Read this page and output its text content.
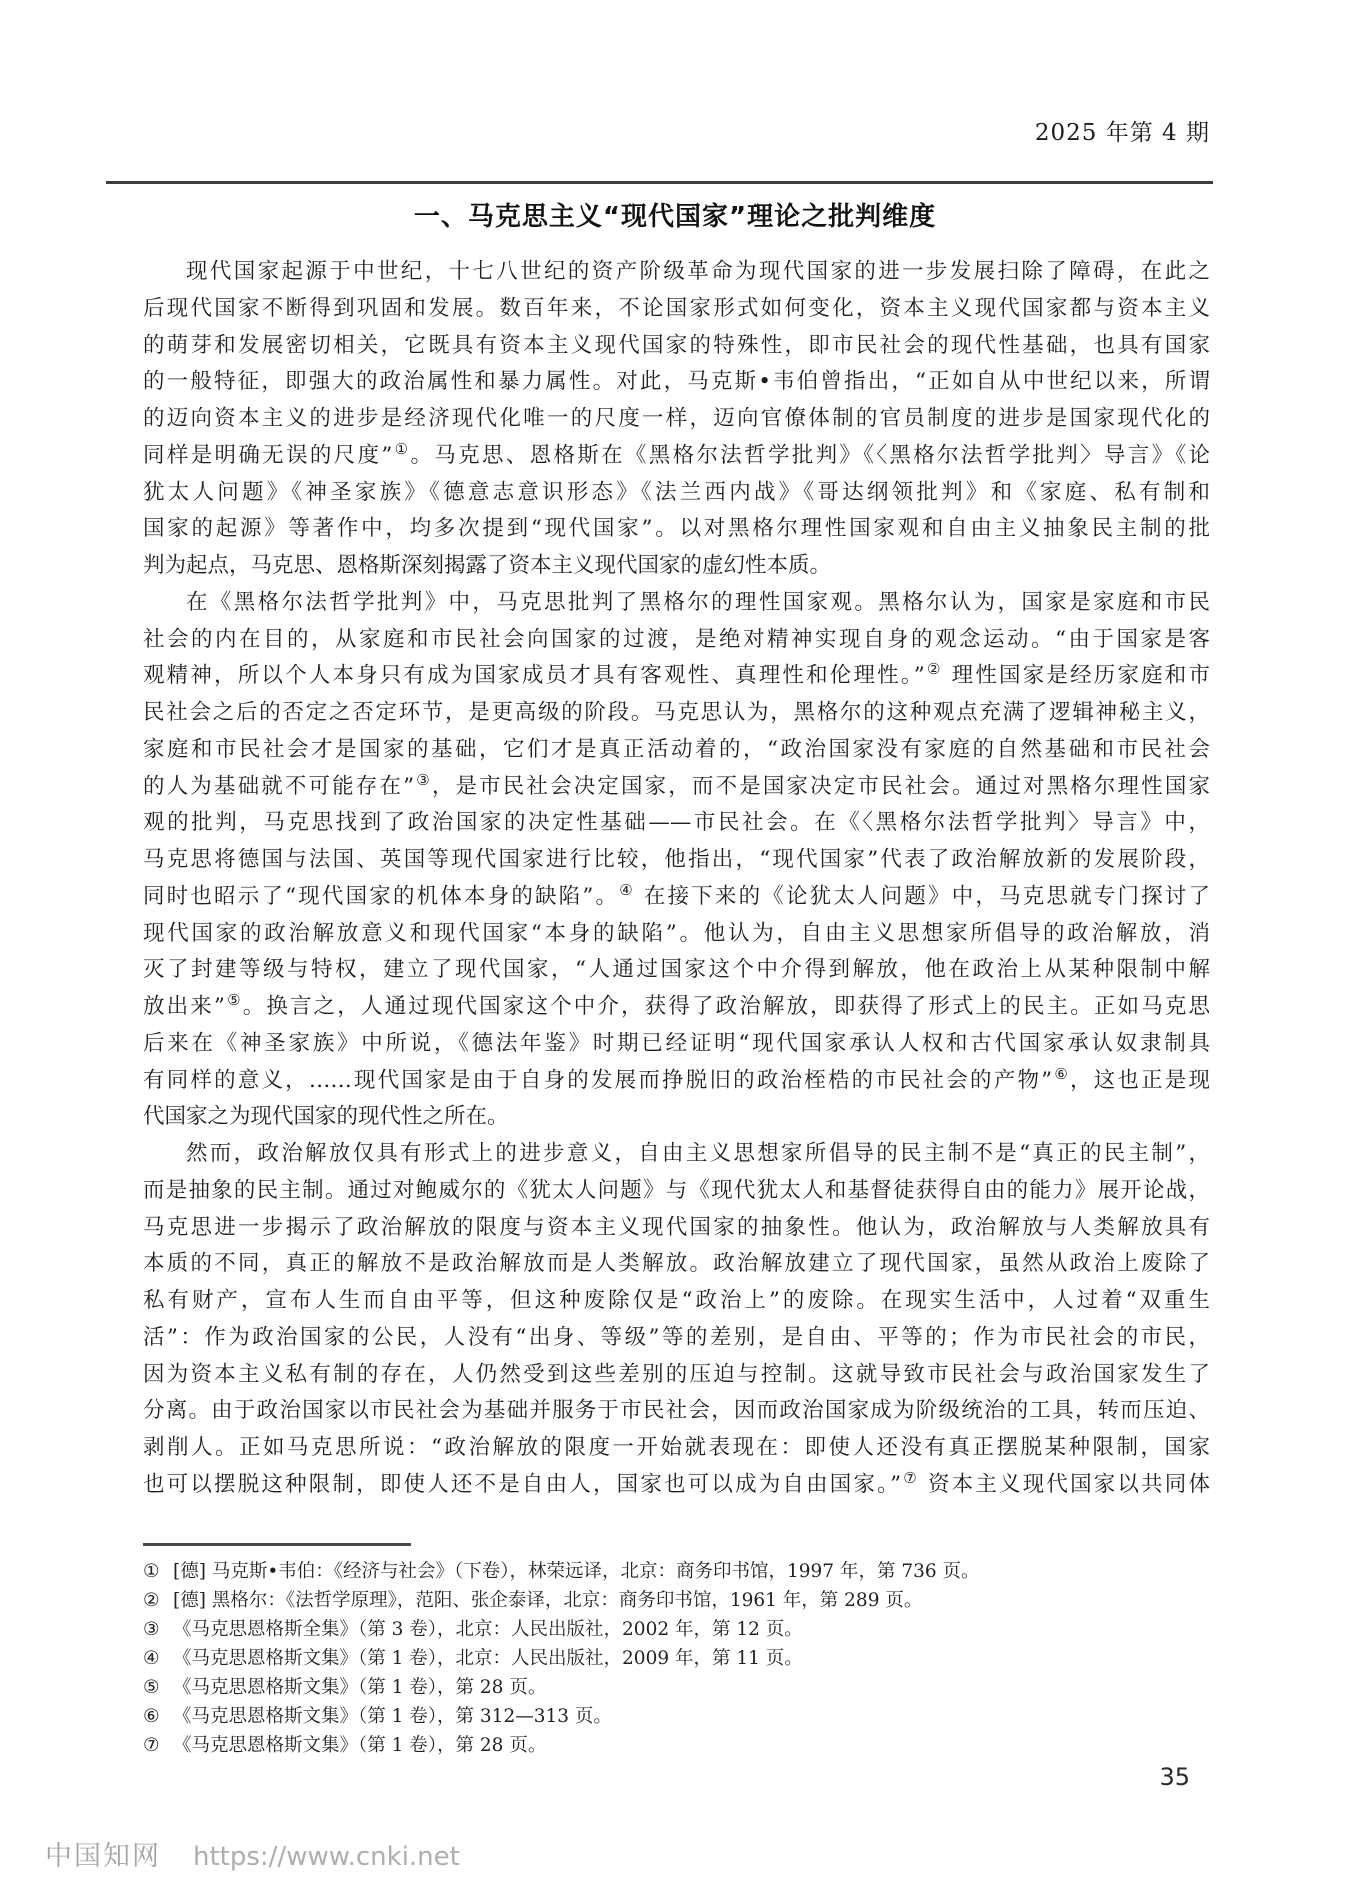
2025 年第 4 期
一、马克思主义“现代国家”理论之批判维度
现代国家起源于中世纪，十七八世纪的资产阶级革命为现代国家的进一步发展扫除了障碍，在此之
后现代国家不断得到巩固和发展。数百年来，不论国家形式如何变化，资本主义现代国家都与资本主义
的萌芽和发展密切相关，它既具有资本主义现代国家的特殊性，即市民社会的现代性基础，也具有国家
的一般特征，即强大的政治属性和暴力属性。对此，马克斯•韦伯曾指出，“正如自从中世纪以来，所谓
的迈向资本主义的进步是经济现代化唯一的尺度一样，迈向官僚体制的官员制度的进步是国家现代化的
同样是明确无误的尺度”①。马克思、恩格斯在《黑格尔法哲学批判》《〈黑格尔法哲学批判〉导言》《论
犹太人问题》《神圣家族》《德意志意识形态》《法兰西内战》《哥达纲领批判》和《家庭、私有制和
国家的起源》等著作中，均多次提到“现代国家”。以对黑格尔理性国家观和自由主义抽象民主制的批
判为起点，马克思、恩格斯深刻揭露了资本主义现代国家的虚幻性本质。
在《黑格尔法哲学批判》中，马克思批判了黑格尔的理性国家观。黑格尔认为，国家是家庭和市民
社会的内在目的，从家庭和市民社会向国家的过渡，是绝对精神实现自身的观念运动。“由于国家是客
观精神，所以个人本身只有成为国家成员才具有客观性、真理性和伦理性。”② 理性国家是经历家庭和市
民社会之后的否定之否定环节，是更高级的阶段。马克思认为，黑格尔的这种观点充满了逻辑神秘主义，
家庭和市民社会才是国家的基础，它们才是真正活动着的，“政治国家没有家庭的自然基础和市民社会
的人为基础就不可能存在”③，是市民社会决定国家，而不是国家决定市民社会。通过对黑格尔理性国家
观的批判，马克思找到了政治国家的决定性基础——市民社会。在《〈黑格尔法哲学批判〉导言》中，
马克思将德国与法国、英国等现代国家进行比较，他指出，“现代国家”代表了政治解放新的发展阶段，
同时也昭示了“现代国家的机体本身的缺陷”。④ 在接下来的《论犹太人问题》中，马克思就专门探讨了
现代国家的政治解放意义和现代国家“本身的缺陷”。他认为，自由主义思想家所倡导的政治解放，消
灭了封建等级与特权，建立了现代国家，“人通过国家这个中介得到解放，他在政治上从某种限制中解
放出来”⑤。换言之，人通过现代国家这个中介，获得了政治解放，即获得了形式上的民主。正如马克思
后来在《神圣家族》中所说，《德法年鉴》时期已经证明“现代国家承认人权和古代国家承认奴隶制具
有同样的意义，……现代国家是由于自身的发展而挣脱旧的政治桎梏的市民社会的产物”⑥，这也正是现
代国家之为现代国家的现代性之所在。
然而，政治解放仅具有形式上的进步意义，自由主义思想家所倡导的民主制不是“真正的民主制”，
而是抽象的民主制。通过对鲍威尔的《犹太人问题》与《现代犹太人和基督徒获得自由的能力》展开论战，
马克思进一步揭示了政治解放的限度与资本主义现代国家的抽象性。他认为，政治解放与人类解放具有
本质的不同，真正的解放不是政治解放而是人类解放。政治解放建立了现代国家，虽然从政治上废除了
私有财产，宣布人生而自由平等，但这种废除仅是“政治上”的废除。在现实生活中，人过着“双重生
活”：作为政治国家的公民，人没有“出身、等级”等的差别，是自由、平等的；作为市民社会的市民，
因为资本主义私有制的存在，人仍然受到这些差别的压迫与控制。这就导致市民社会与政治国家发生了
分离。由于政治国家以市民社会为基础并服务于市民社会，因而政治国家成为阶级统治的工具，转而压迫、
剥削人。正如马克思所说：“政治解放的限度一开始就表现在：即使人还没有真正摆脱某种限制，国家
也可以摆脱这种限制，即使人还不是自由人，国家也可以成为自由国家。”⑦ 资本主义现代国家以共同体
① [德] 马克斯•韦伯：《经济与社会》（下卷），林荣远译，北京：商务印书馆，1997 年，第 736 页。
② [德] 黑格尔：《法哲学原理》，范阳、张企泰译，北京：商务印书馆，1961 年，第 289 页。
③ 《马克思恩格斯全集》（第 3 卷），北京：人民出版社，2002 年，第 12 页。
④ 《马克思恩格斯文集》（第 1 卷），北京：人民出版社，2009 年，第 11 页。
⑤ 《马克思恩格斯文集》（第 1 卷），第 28 页。
⑥ 《马克思恩格斯文集》（第 1 卷），第 312—313 页。
⑦ 《马克思恩格斯文集》（第 1 卷），第 28 页。
35
中国知网 https://www.cnki.net
